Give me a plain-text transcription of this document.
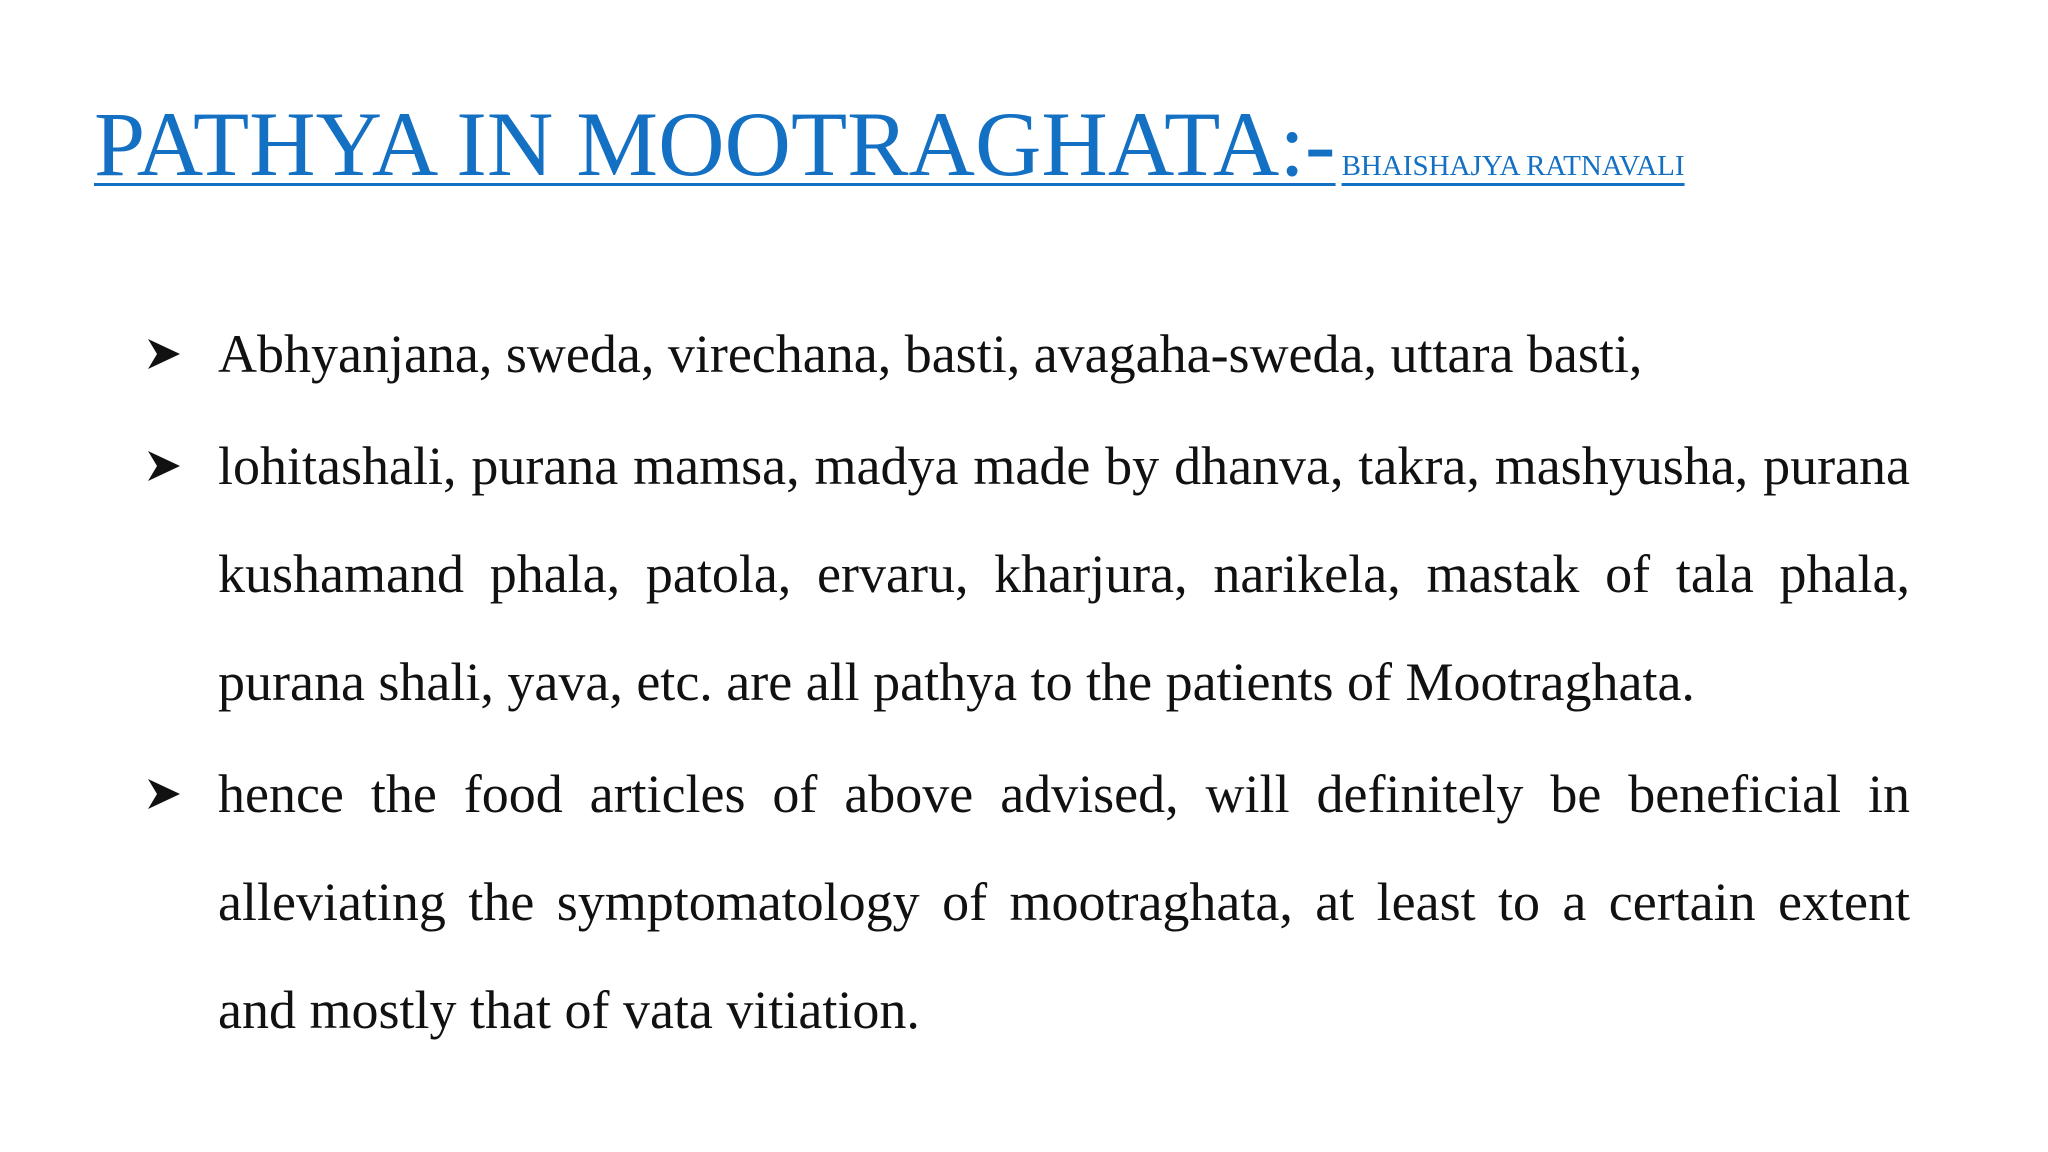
PATHYA IN MOOTRAGHATA:- BHAISHAJYA RATNAVALI
Abhyanjana, sweda, virechana, basti, avagaha-sweda, uttara basti,
lohitashali, purana mamsa, madya made by dhanva, takra, mashyusha, purana kushamand phala, patola, ervaru, kharjura, narikela, mastak of tala phala, purana shali, yava, etc. are all pathya to the patients of Mootraghata.
hence the food articles of above advised, will definitely be beneficial in alleviating the symptomatology of mootraghata, at least to a certain extent and mostly that of vata vitiation.
